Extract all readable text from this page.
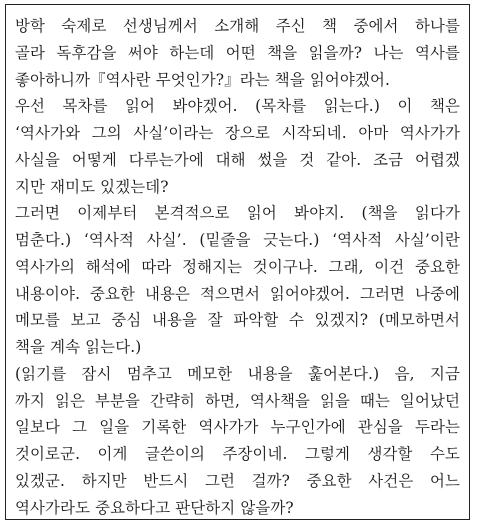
방학 숙제로 선생님께서 소개해 주신 책 중에서 하나를
골라 독후감을 써야 하는데 어떤 책을 읽을까? 나는 역사를
좋아하니까『역사란 무엇인가?』라는 책을 읽어야겠어.
우선 목차를 읽어 봐야겠어. (목차를 읽는다.) 이 책은
‘역사가와 그의 사실’이라는 장으로 시작되네. 아마 역사가가
사실을 어떻게 다루는가에 대해 썼을 것 같아. 조금 어렵겠
지만 재미도 있겠는데?
그러면 이제부터 본격적으로 읽어 봐야지. (책을 읽다가
멈춘다.) ‘역사적 사실’. (밑줄을 긋는다.) ‘역사적 사실’이란
역사가의 해석에 따라 정해지는 것이구나. 그래, 이건 중요한
내용이야. 중요한 내용은 적으면서 읽어야겠어. 그러면 나중에
메모를 보고 중심 내용을 잘 파악할 수 있겠지? (메모하면서
책을 계속 읽는다.)
(읽기를 잠시 멈추고 메모한 내용을 훑어본다.) 음, 지금
까지 읽은 부분을 간략히 하면, 역사책을 읽을 때는 일어났던
일보다 그 일을 기록한 역사가가 누구인가에 관심을 두라는
것이로군. 이게 글쓴이의 주장이네. 그렇게 생각할 수도
있겠군. 하지만 반드시 그런 걸까? 중요한 사건은 어느
역사가라도 중요하다고 판단하지 않을까?
